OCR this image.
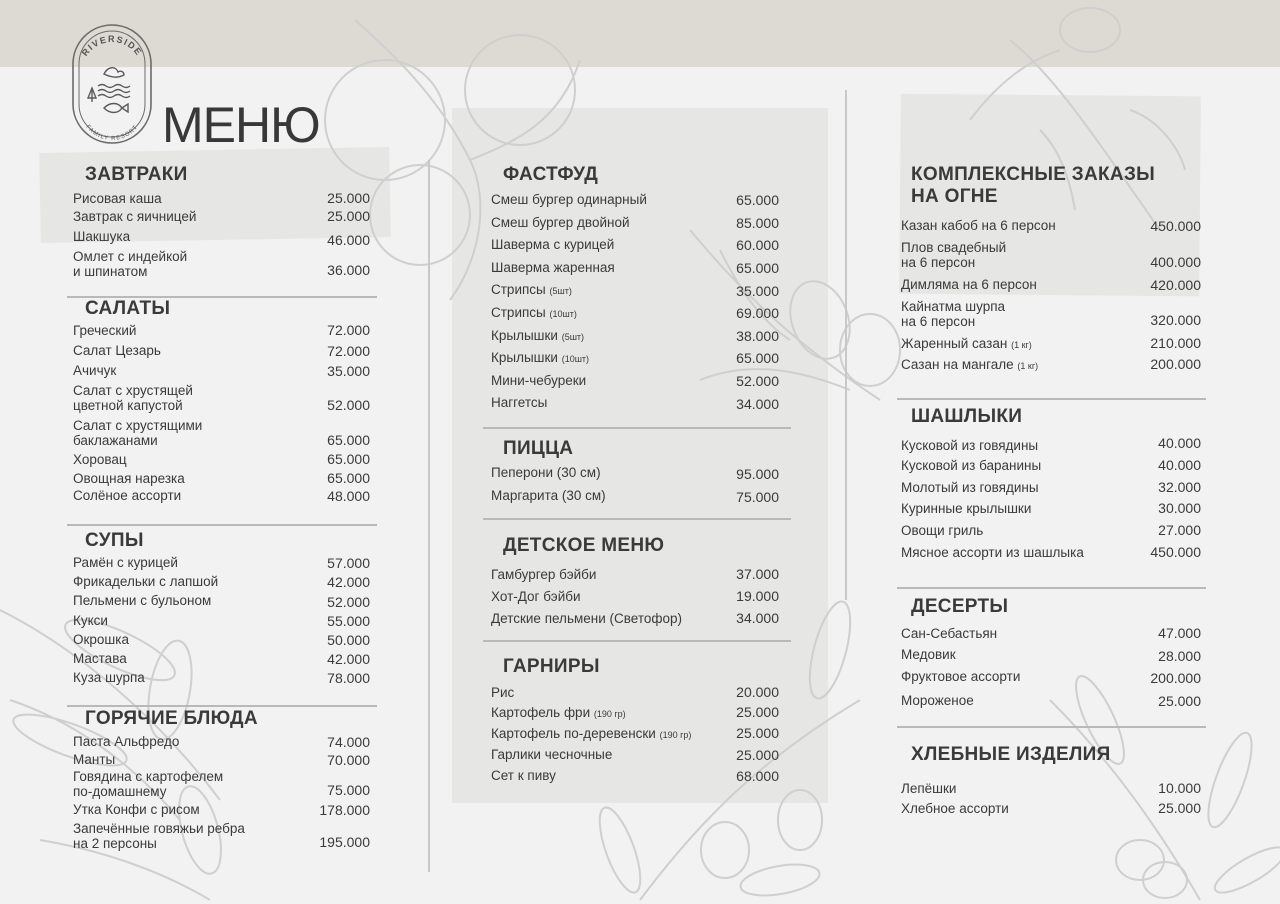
RIVERSIDE
FAMILY RESORT МЕНЮ
ЗАВТРАКИ
Рисовая каша	25.000
Завтрак с яичницей	25.000
Шакшука	46.000
Омлет с индейкой
и шпинатом	36.000
САЛАТЫ
Греческий	72.000
Салат Цезарь	72.000
Ачичук	35.000
Салат с хрустящей
цветной капустой	52.000
Салат с хрустящими
баклажанами	65.000
Хоровац	65.000
Овощная нарезка	65.000
Солёное ассорти	48.000
СУПЫ
Рамён с курицей	57.000
Фрикадельки с лапшой	42.000
Пельмени с бульоном	52.000
Кукси	55.000
Окрошка	50.000
Мастава	42.000
Куза шурпа	78.000
ГОРЯЧИЕ БЛЮДА
Паста Альфредо	74.000
Манты	70.000
Говядина с картофелем
по-домашнему	75.000
Утка Конфи с рисом	178.000
Запечённые говяжьи ребра
на 2 персоны	195.000
ФАСТФУД
Смеш бургер одинарный	65.000
Смеш бургер двойной	85.000
Шаверма с курицей	60.000
Шаверма жаренная	65.000
Стрипсы (5шт)	35.000
Стрипсы (10шт)	69.000
Крылышки (5шт)	38.000
Крылышки (10шт)	65.000
Мини-чебуреки	52.000
Наггетсы	34.000
ПИЦЦА
Пеперони (30 см)	95.000
Маргарита (30 см)	75.000
ДЕТСКОЕ МЕНЮ
Гамбургер бэйби	37.000
Хот-Дог бэйби	19.000
Детские пельмени (Светофор)	34.000
ГАРНИРЫ
Рис	20.000
Картофель фри (190 гр)	25.000
Картофель по-деревенски (190 гр)	25.000
Гарлики чесночные	25.000
Сет к пиву	68.000
КОМПЛЕКСНЫЕ ЗАКАЗЫ
НА ОГНЕ
Казан кабоб на 6 персон	450.000
Плов свадебный
на 6 персон	400.000
Димляма на 6 персон	420.000
Кайнатма шурпа
на 6 персон	320.000
Жаренный сазан (1 кг)	210.000
Сазан на мангале (1 кг)	200.000
ШАШЛЫКИ
Кусковой из говядины	40.000
Кусковой из баранины	40.000
Молотый из говядины	32.000
Куринные крылышки	30.000
Овощи гриль	27.000
Мясное ассорти из шашлыка	450.000
ДЕСЕРТЫ
Сан-Себастьян	47.000
Медовик	28.000
Фруктовое ассорти	200.000
Мороженое	25.000
ХЛЕБНЫЕ ИЗДЕЛИЯ
Лепёшки	10.000
Хлебное ассорти	25.000
